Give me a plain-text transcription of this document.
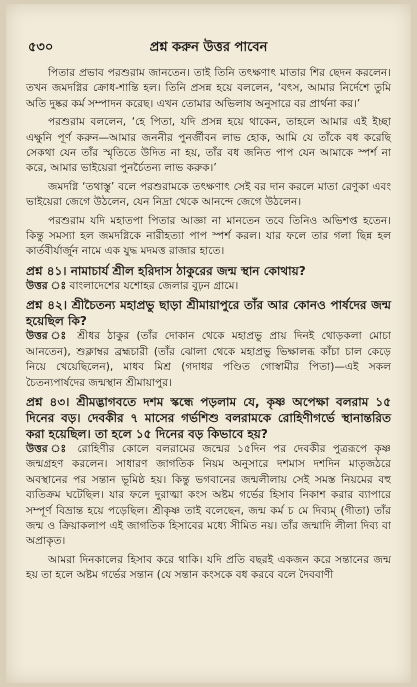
৫৩০	প্রশ্ন করুন উত্তর পাবেন

পিতার প্রভাব পরশুরাম জানতেন। তাই তিনি তৎক্ষণাৎ মাতার শির ছেদন করলেন। তখন জমদগ্নির ক্রোধ-শান্তি হল। তিনি প্রসন্ন হয়ে বললেন, ‘বৎস, আমার নির্দেশে তুমি অতি দুষ্কর কর্ম সম্পাদন করেছ। এখন তোমার অভিলাষ অনুসারে বর প্রার্থনা কর।’

পরশুরাম বললেন, ‘হে পিতা, যদি প্রসন্ন হয়ে থাকেন, তাহলে আমার এই ইচ্ছা এক্ষুনি পূর্ণ করুন—আমার জননীর পুনর্জীবন লাভ হোক, আমি যে তাঁকে বধ করেছি সেকথা যেন তাঁর স্মৃতিতে উদিত না হয়, তাঁর বধ জনিত পাপ যেন আমাকে স্পর্শ না করে, আমার ভাইয়েরা পুনর্চৈতন্য লাভ করুক।’

জমদগ্নি ‘তথাস্তু’ বলে পরশুরামকে তৎক্ষণাৎ সেই বর দান করলে মাতা রেণুকা এবং ভাইয়েরা জেগে উঠলেন, যেন নিদ্রা থেকে আনন্দে জেগে উঠলেন।

পরশুরাম যদি মহাতপা পিতার আজ্ঞা না মানতেন তবে তিনিও অভিশপ্ত হতেন। কিন্তু সমস্যা হল জমদগ্নিকে নারীহত্যা পাপ স্পর্শ করল। যার ফলে তার গলা ছিন্ন হল কার্তবীর্যার্জুন নামে এক যুদ্ধ মদমত্ত রাজার হাতে।

প্রশ্ন ৪১। নামাচার্য শ্রীল হরিদাস ঠাকুরের জন্ম স্থান কোথায়?
উত্তর ঃ বাংলাদেশের যশোহর জেলার বুঢ়ন গ্রামে।
প্রশ্ন ৪২। শ্রীচৈতন্য মহাপ্রভু ছাড়া শ্রীমায়াপুরে তাঁর আর কোনও পার্ষদের জন্ম হয়েছিল কি?
উত্তর ঃ শ্রীধর ঠাকুর (তাঁর দোকান থেকে মহাপ্রভু প্রায় দিনই থোড়কলা মোচা আনতেন), শুক্লাম্বর ব্রহ্মচারী (তাঁর ঝোলা থেকে মহাপ্রভু ভিক্ষালব্ধ কাঁচা চাল কেড়ে নিয়ে খেয়েছিলেন), মাধব মিশ্র (গদাধর পণ্ডিত গোস্বামীর পিতা)—এই সকল চৈতন্যপার্ষদের জন্মস্থান শ্রীমায়াপুর।
প্রশ্ন ৪৩। শ্রীমদ্ভাগবতে দশম স্কন্ধে পড়লাম যে, কৃষ্ণ অপেক্ষা বলরাম ১৫ দিনের বড়। দেবকীর ৭ মাসের গর্ভশিশু বলরামকে রোহিণীগর্ভে স্থানান্তরিত করা হয়েছিল। তা হলে ১৫ দিনের বড় কিভাবে হয়?
উত্তর ঃ রোহিণীর কোলে বলরামের জন্মের ১৫দিন পর দেবকীর পুত্ররূপে কৃষ্ণ জন্মগ্রহণ করলেন। সাধারণ জাগতিক নিয়ম অনুসারে দশমাস দশদিন মাতৃজঠরে অবস্থানের পর সন্তান ভূমিষ্ঠ হয়। কিন্তু ভগবানের জন্মলীলায় সেই সমস্ত নিয়মের বহু ব্যতিক্রম ঘটেছিল। যার ফলে দুরাত্মা কংস অষ্টম গর্ভের হিসাব নিকাশ করার ব্যাপারে সম্পূর্ণ বিভ্রান্ত হয়ে পড়েছিল। শ্রীকৃষ্ণ তাই বলেছেন, জন্ম কর্ম চ মে দিব্যম্ (গীতা) তাঁর জন্ম ও ক্রিয়াকলাপ এই জাগতিক হিসাবের মধ্যে সীমিত নয়। তাঁর জন্মাদি লীলা দিব্য বা অপ্রাকৃত।

আমরা দিনকালের হিসাব করে থাকি। যদি প্রতি বছরই একজন করে সন্তানের জন্ম হয় তা হলে অষ্টম গর্ভের সন্তান (যে সন্তান কংসকে বধ করবে বলে দৈববাণী
